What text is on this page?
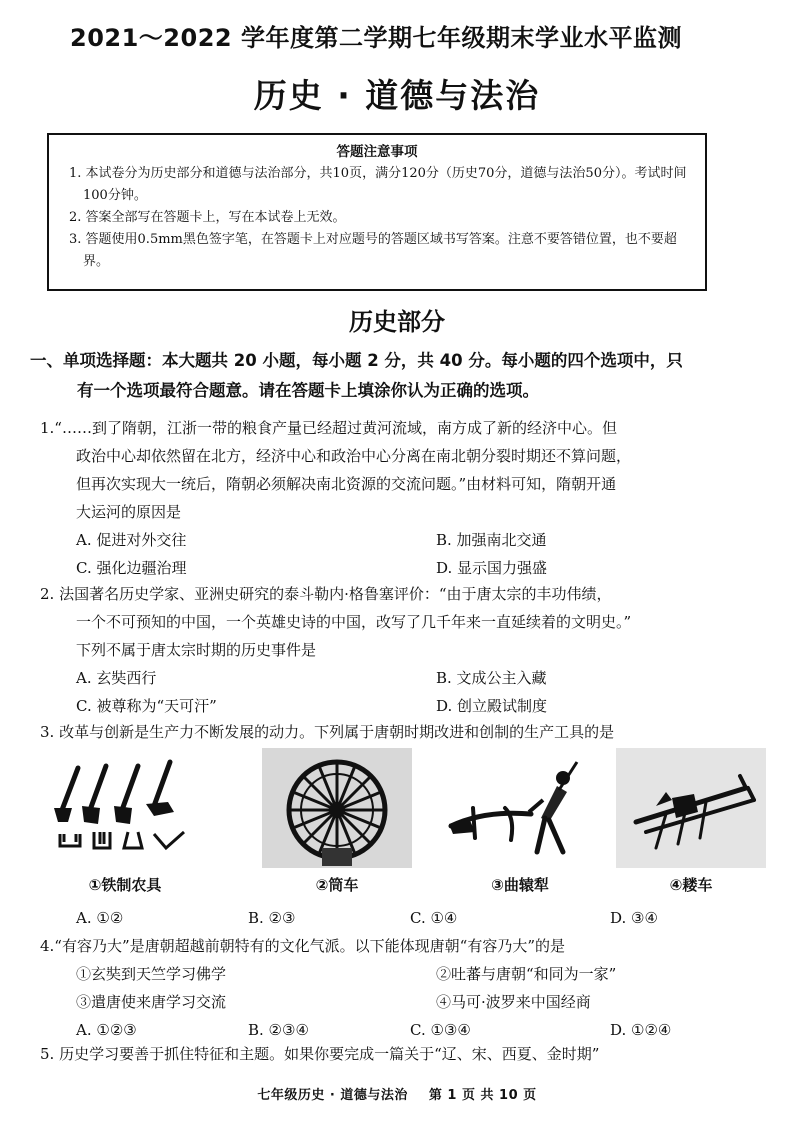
2021～2022 学年度第二学期七年级期末学业水平监测
历史 · 道德与法治
答题注意事项
1. 本试卷分为历史部分和道德与法治部分，共10页，满分120分（历史70分，道德与法治50分）。考试时间100分钟。
2. 答案全部写在答题卡上，写在本试卷上无效。
3. 答题使用0.5mm黑色签字笔，在答题卡上对应题号的答题区域书写答案。注意不要答错位置，也不要超界。
历史部分
一、单项选择题：本大题共 20 小题，每小题 2 分，共 40 分。每小题的四个选项中，只
有一个选项最符合题意。请在答题卡上填涂你认为正确的选项。
1.“……到了隋朝，江浙一带的粮食产量已经超过黄河流域，南方成了新的经济中心。但
政治中心却依然留在北方，经济中心和政治中心分离在南北朝分裂时期还不算问题，
但再次实现大一统后，隋朝必须解决南北资源的交流问题。”由材料可知，隋朝开通
大运河的原因是
A. 促进对外交往	B. 加强南北交通
C. 强化边疆治理	D. 显示国力强盛
2. 法国著名历史学家、亚洲史研究的泰斗勒内·格鲁塞评价：“由于唐太宗的丰功伟绩，
一个不可预知的中国，一个英雄史诗的中国，改写了几千年来一直延续着的文明史。”
下列不属于唐太宗时期的历史事件是
A. 玄奘西行	B. 文成公主入藏
C. 被尊称为“天可汗”	D. 创立殿试制度
3. 改革与创新是生产力不断发展的动力。下列属于唐朝时期改进和创制的生产工具的是
①铁制农具	②筒车	③曲辕犁	④耧车
A. ①②	B. ②③	C. ①④	D. ③④
4.“有容乃大”是唐朝超越前朝特有的文化气派。以下能体现唐朝“有容乃大”的是
①玄奘到天竺学习佛学	②吐蕃与唐朝“和同为一家”
③遣唐使来唐学习交流	④马可·波罗来中国经商
A. ①②③	B. ②③④	C. ①③④	D. ①②④
5. 历史学习要善于抓住特征和主题。如果你要完成一篇关于“辽、宋、西夏、金时期”
七年级历史 · 道德与法治 第 1 页 共 10 页
